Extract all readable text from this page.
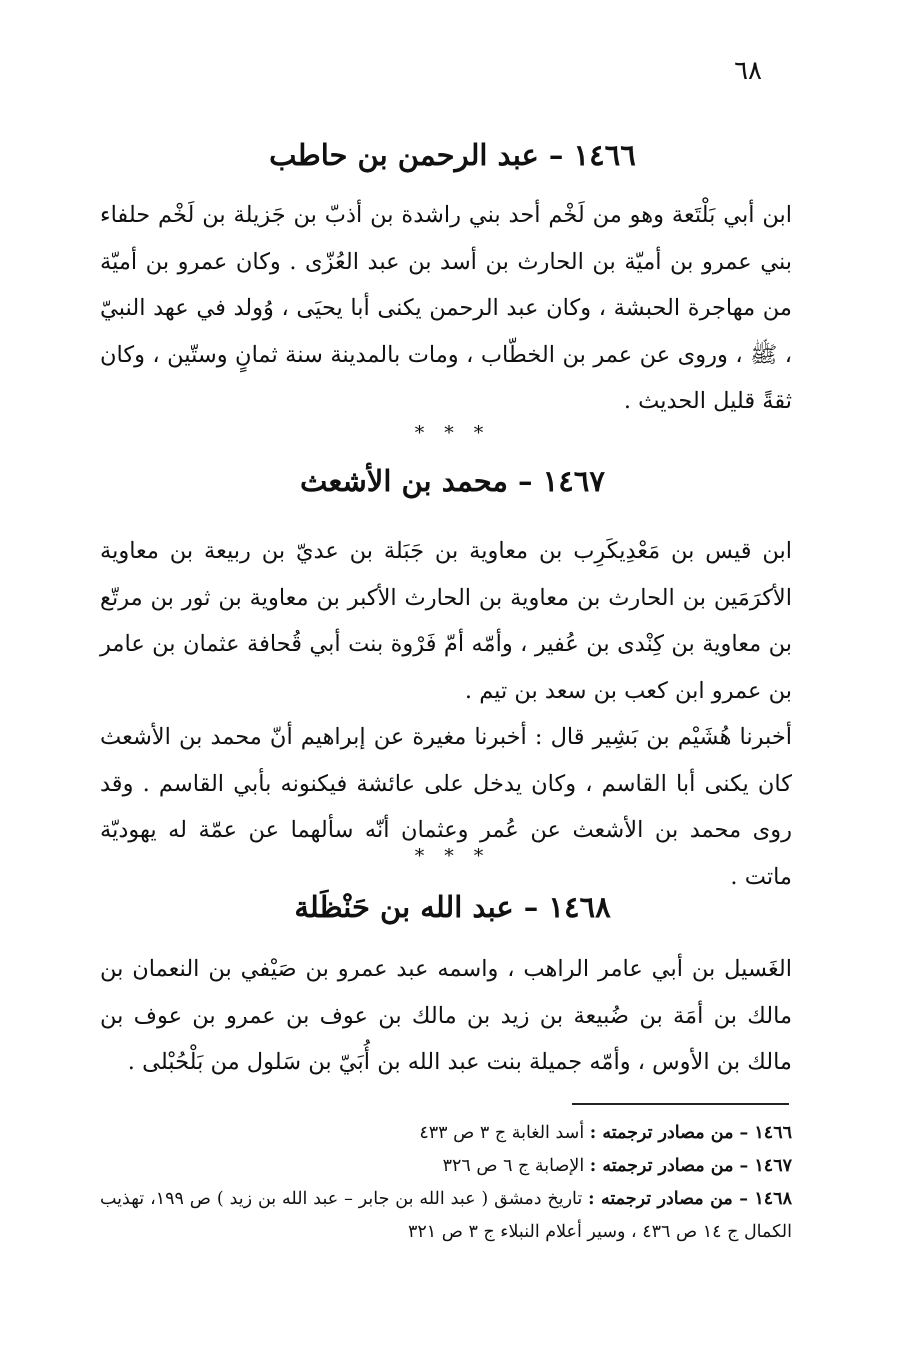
٦٨
١٤٦٦ – عبد الرحمن بن حاطب

ابن أبي بَلْتَعة وهو من لَخْم أحد بني راشدة بن أذبّ بن جَزيلة بن لَخْم حلفاء بني عمرو بن أميّة بن الحارث بن أسد بن عبد العُزّى . وكان عمرو بن أميّة من مهاجرة الحبشة ، وكان عبد الرحمن يكنى أبا يحيَى ، وُولد في عهد النبيّ ، ﷺ ، وروى عن عمر بن الخطّاب ، ومات بالمدينة سنة ثمانٍ وستّين ، وكان ثقةً قليل الحديث .

* * *
١٤٦٧ – محمد بن الأشعث

ابن قيس بن مَعْدِيكَرِب بن معاوية بن جَبَلة بن عديّ بن ربيعة بن معاوية الأكرَمَين بن الحارث بن معاوية بن الحارث الأكبر بن معاوية بن ثور بن مرتّع بن معاوية بن كِنْدى بن عُفير ، وأمّه أمّ فَرْوة بنت أبي قُحافة عثمان بن عامر بن عمرو ابن كعب بن سعد بن تيم .

أخبرنا هُشَيْم بن بَشِير قال : أخبرنا مغيرة عن إبراهيم أنّ محمد بن الأشعث كان يكنى أبا القاسم ، وكان يدخل على عائشة فيكنونه بأبي القاسم . وقد روى محمد بن الأشعث عن عُمر وعثمان أنّه سألهما عن عمّة له يهوديّة ماتت .

* * *
١٤٦٨ – عبد الله بن حَنْظَلة

الغَسيل بن أبي عامر الراهب ، واسمه عبد عمرو بن صَيْفي بن النعمان بن مالك بن أمَة بن ضُبيعة بن زيد بن مالك بن عوف بن عمرو بن عوف بن مالك بن الأوس ، وأمّه جميلة بنت عبد الله بن أُبَيّ بن سَلول من بَلْحُبْلى .

١٤٦٦ – من مصادر ترجمته : أسد الغابة ج ٣ ص ٤٣٣

١٤٦٧ – من مصادر ترجمته : الإصابة ج ٦ ص ٣٢٦

١٤٦٨ – من مصادر ترجمته : تاريخ دمشق ( عبد الله بن جابر – عبد الله بن زيد ) ص ١٩٩، تهذيب الكمال ج ١٤ ص ٤٣٦ ، وسير أعلام النبلاء ج ٣ ص ٣٢١
